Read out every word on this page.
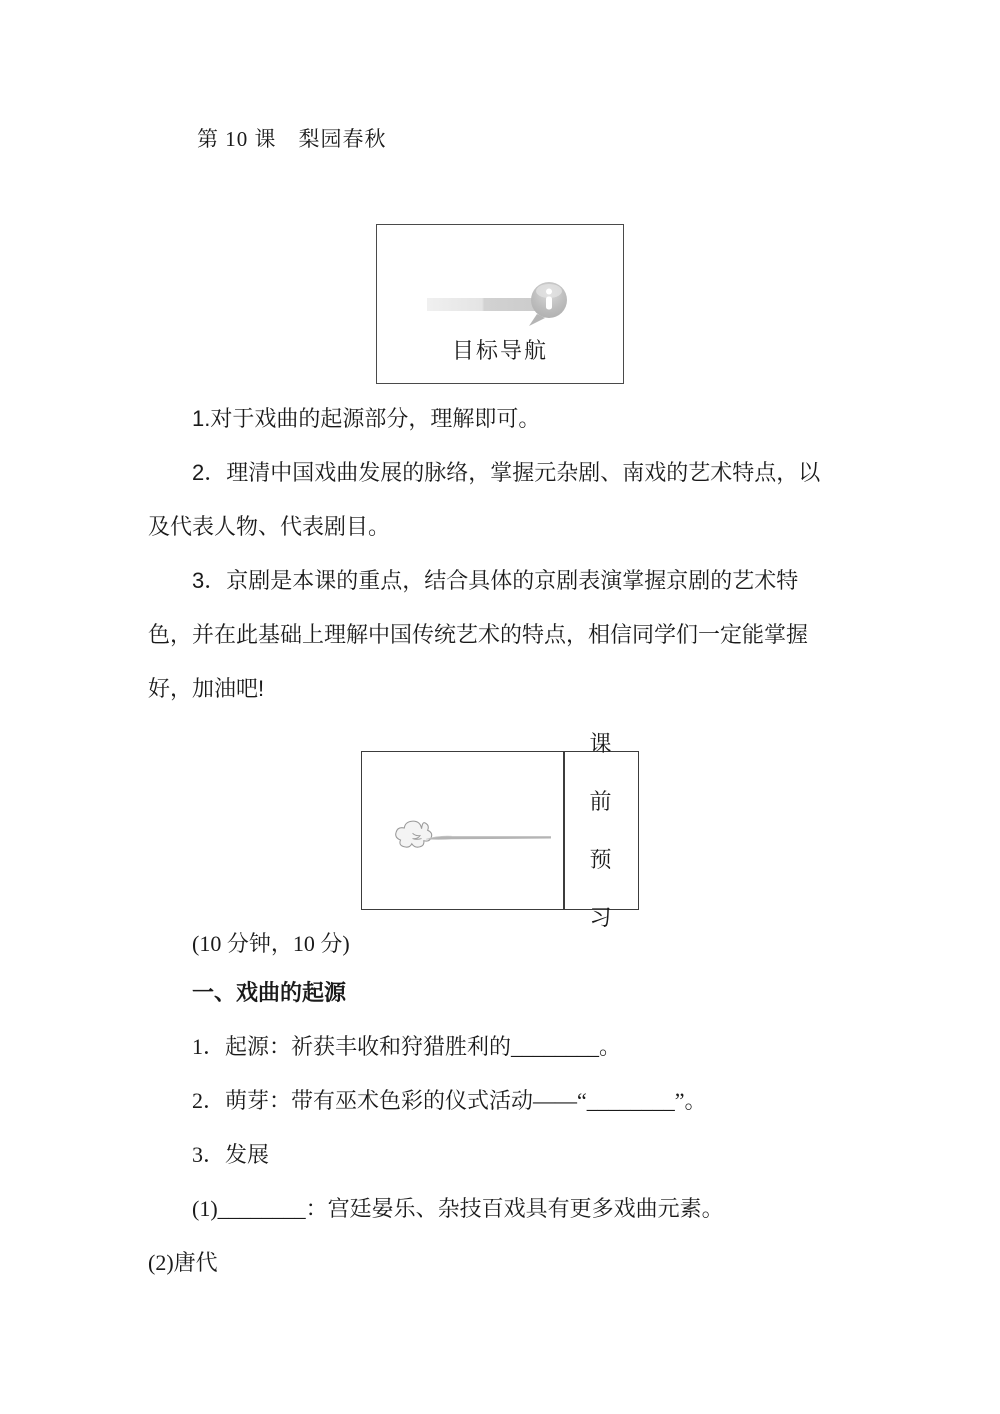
第 10 课　梨园春秋
目标导航
1.对于戏曲的起源部分，理解即可。
2．理清中国戏曲发展的脉络，掌握元杂剧、南戏的艺术特点，以及代表人物、代表剧目。
3．京剧是本课的重点，结合具体的京剧表演掌握京剧的艺术特色，并在此基础上理解中国传统艺术的特点，相信同学们一定能掌握好，加油吧!
课前预习
(10 分钟，10 分)
一、戏曲的起源
1．起源：祈获丰收和狩猎胜利的________。
2．萌芽：带有巫术色彩的仪式活动——“________”。
3．发展
(1)________：宫廷晏乐、杂技百戏具有更多戏曲元素。
(2)唐代
